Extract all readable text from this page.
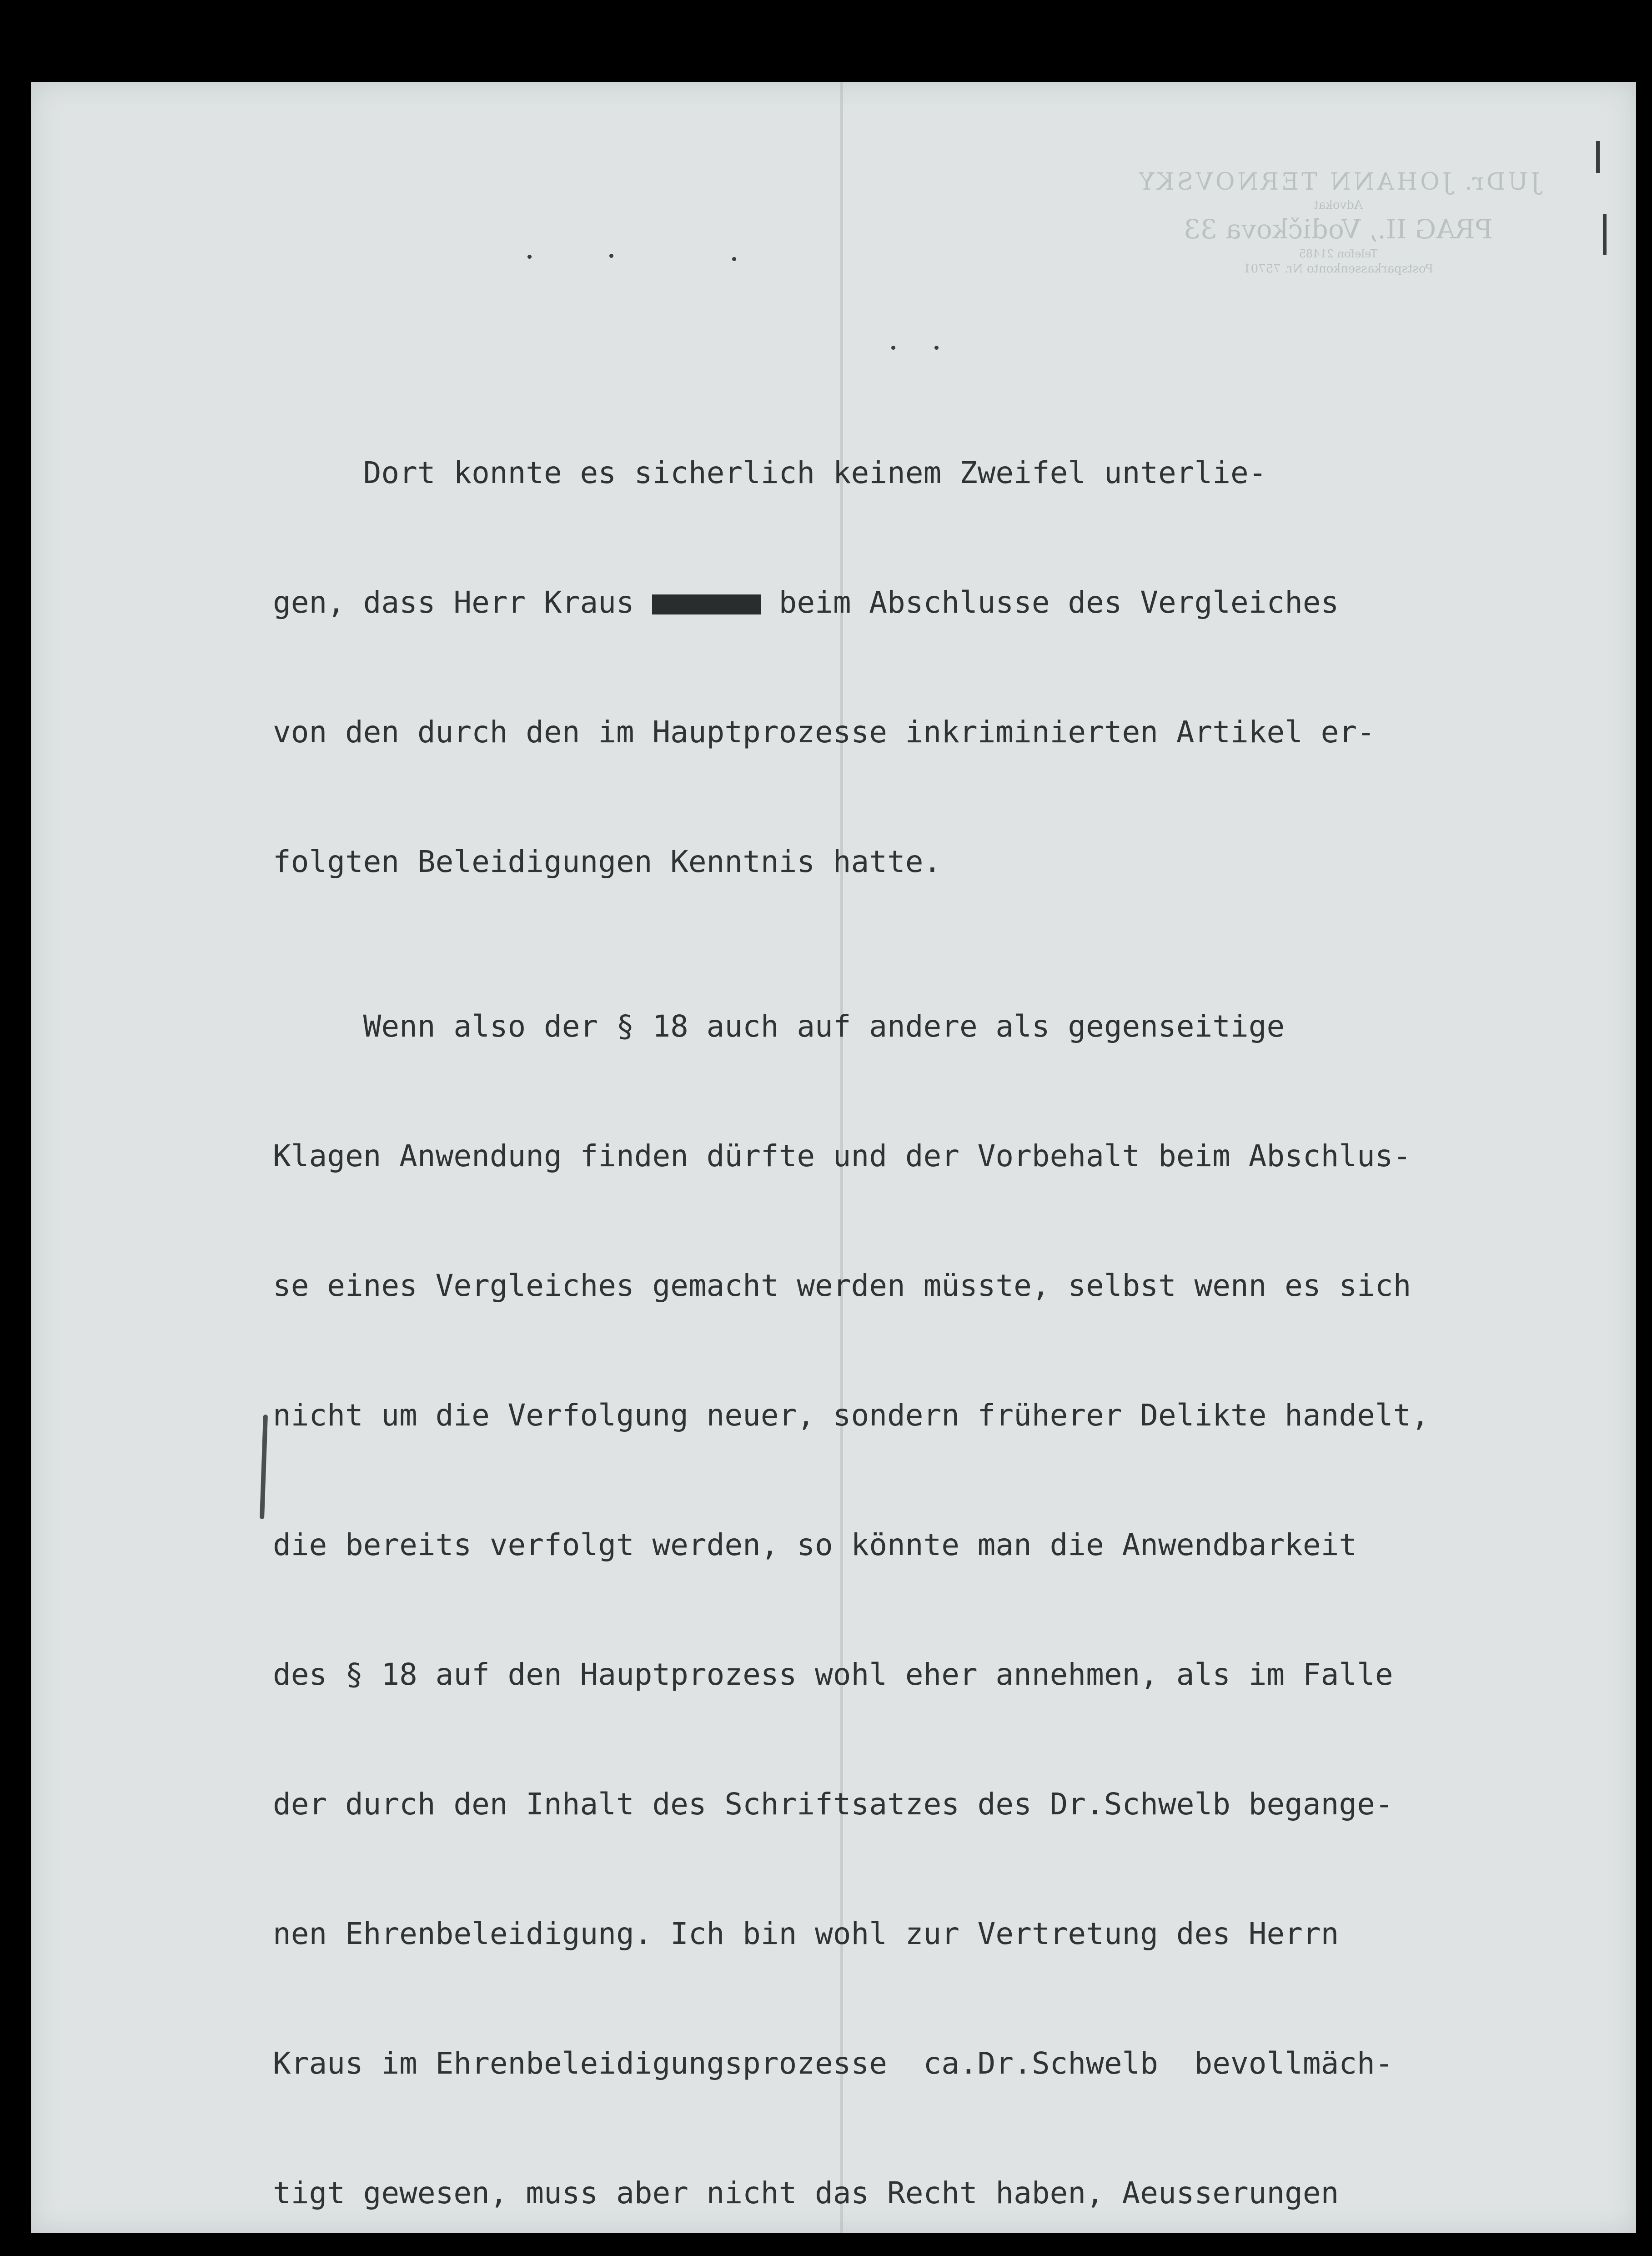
JUDr. JOHANN TERNOVSKY
Advokat
PRAG II., Vodičkova 33
Telefon 21485
Postsparkassenkonto Nr. 75701

Dort konnte es sicherlich keinem Zweifel unterlie-

gen, dass Herr Kraus mmmmmm beim Abschlusse des Vergleiches

von den durch den im Hauptprozesse inkriminierten Artikel er-

folgten Beleidigungen Kenntnis hatte.

Wenn also der § 18 auch auf andere als gegenseitige

Klagen Anwendung finden dürfte und der Vorbehalt beim Abschlus-

se eines Vergleiches gemacht werden müsste, selbst wenn es sich

nicht um die Verfolgung neuer, sondern früherer Delikte handelt,

die bereits verfolgt werden, so könnte man die Anwendbarkeit

des § 18 auf den Hauptprozess wohl eher annehmen, als im Falle

der durch den Inhalt des Schriftsatzes des Dr.Schwelb begange-

nen Ehrenbeleidigung. Ich bin wohl zur Vertretung des Herrn

Kraus im Ehrenbeleidigungsprozesse  ca.Dr.Schwelb  bevollmäch-

tigt gewesen, muss aber nicht das Recht haben, Aeusserungen
